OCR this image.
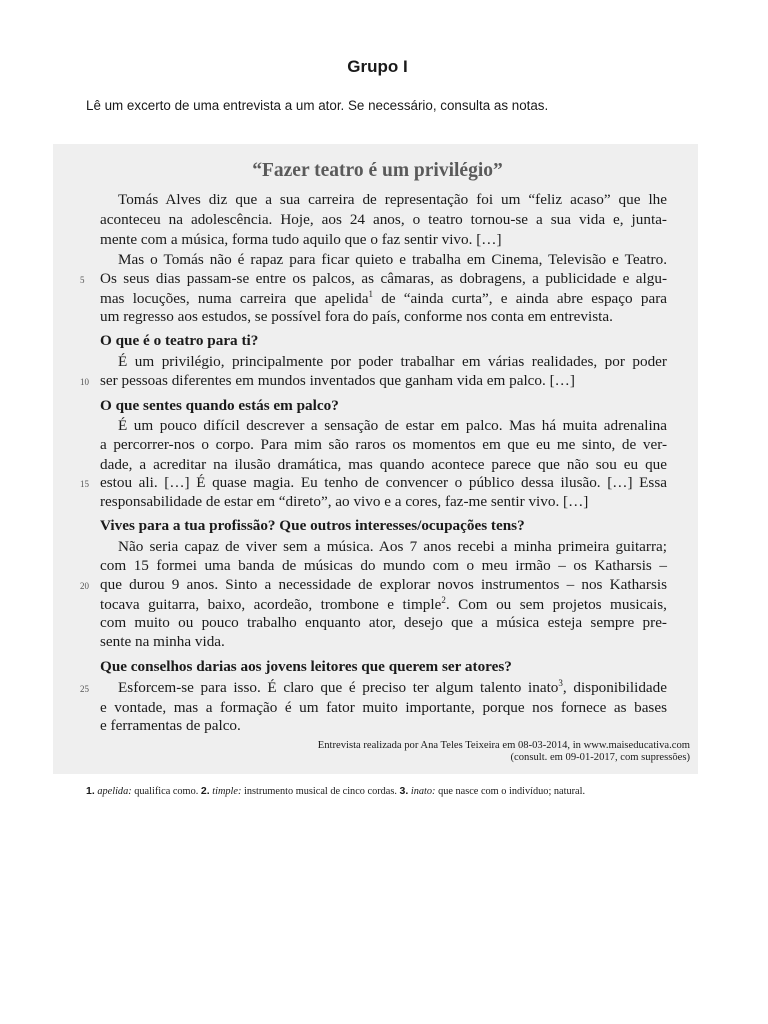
Grupo I
Lê um excerto de uma entrevista a um ator. Se necessário, consulta as notas.
“Fazer teatro é um privilégio”
Tomás Alves diz que a sua carreira de representação foi um “feliz acaso” que lhe
aconteceu na adolescência. Hoje, aos 24 anos, o teatro tornou-se a sua vida e, junta-
mente com a música, forma tudo aquilo que o faz sentir vivo. […]
Mas o Tomás não é rapaz para ficar quieto e trabalha em Cinema, Televisão e Teatro.
Os seus dias passam-se entre os palcos, as câmaras, as dobragens, a publicidade e algu-
5
mas locuções, numa carreira que apelida$^1$ de “ainda curta”, e ainda abre espaço para
um regresso aos estudos, se possível fora do país, conforme nos conta em entrevista.
O que é o teatro para ti?
É um privilégio, principalmente por poder trabalhar em várias realidades, por poder
ser pessoas diferentes em mundos inventados que ganham vida em palco. […]
10
O que sentes quando estás em palco?
É um pouco difícil descrever a sensação de estar em palco. Mas há muita adrenalina
a percorrer-nos o corpo. Para mim são raros os momentos em que eu me sinto, de ver-
dade, a acreditar na ilusão dramática, mas quando acontece parece que não sou eu que
estou ali. […] É quase magia. Eu tenho de convencer o público dessa ilusão. […] Essa
15
responsabilidade de estar em “direto”, ao vivo e a cores, faz-me sentir vivo. […]
Vives para a tua profissão? Que outros interesses/ocupações tens?
Não seria capaz de viver sem a música. Aos 7 anos recebi a minha primeira guitarra;
com 15 formei uma banda de músicas do mundo com o meu irmão – os Katharsis –
que durou 9 anos. Sinto a necessidade de explorar novos instrumentos – nos Katharsis
20
tocava guitarra, baixo, acordeão, trombone e timple$^2$. Com ou sem projetos musicais,
com muito ou pouco trabalho enquanto ator, desejo que a música esteja sempre pre-
sente na minha vida.
Que conselhos darias aos jovens leitores que querem ser atores?
Esforcem-se para isso. É claro que é preciso ter algum talento inato$^3$, disponibilidade
25
e vontade, mas a formação é um fator muito importante, porque nos fornece as bases
e ferramentas de palco.
Entrevista realizada por Ana Teles Teixeira em 08-03-2014, in www.maiseducativa.com
(consult. em 09-01-2017, com supressões)
1. apelida: qualifica como. 2. timple: instrumento musical de cinco cordas. 3. inato: que nasce com o indivíduo; natural.
